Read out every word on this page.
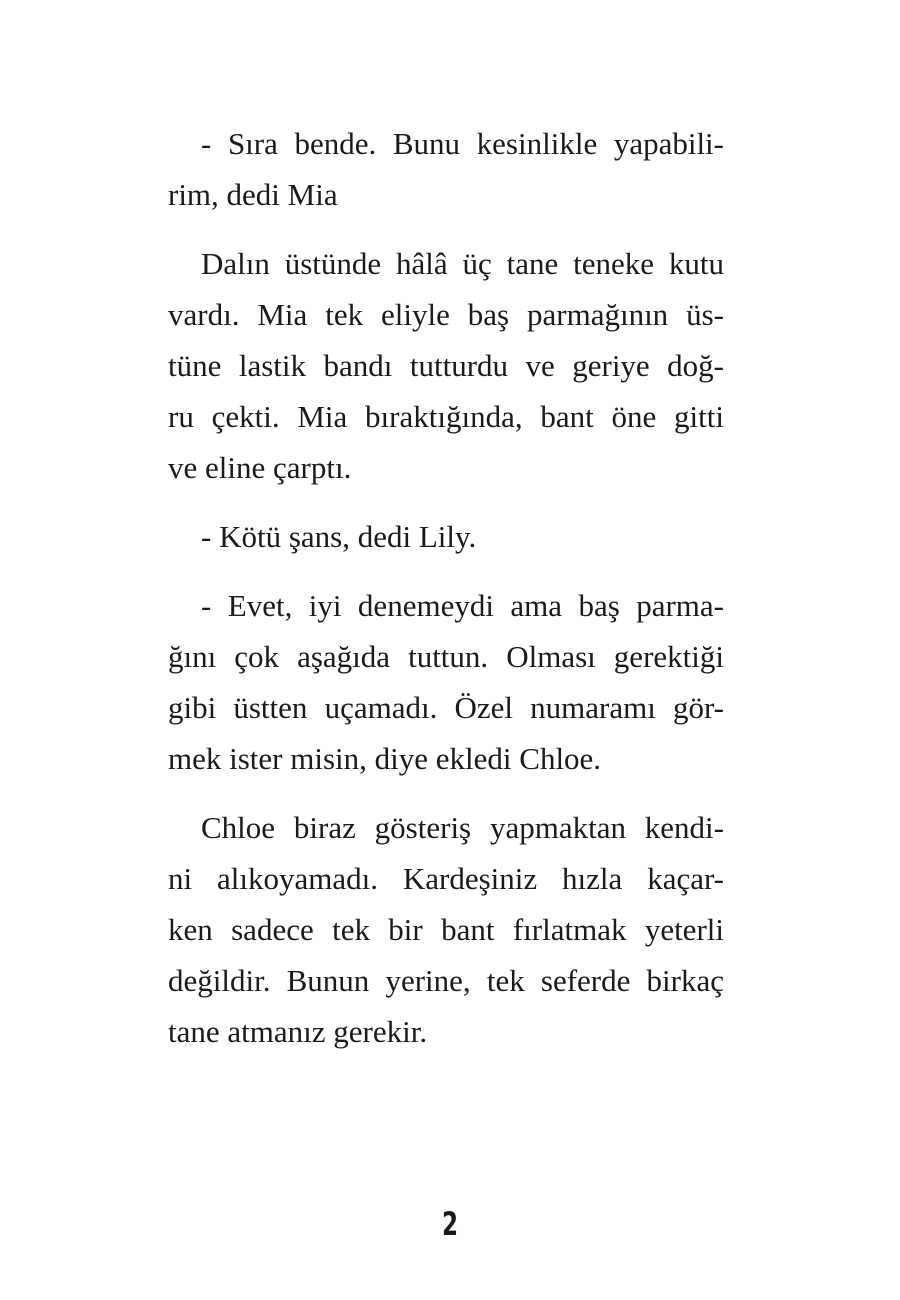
- Sıra bende. Bunu kesinlikle yapabili-
rim, dedi Mia
Dalın üstünde hâlâ üç tane teneke kutu
vardı. Mia tek eliyle baş parmağının üs-
tüne lastik bandı tutturdu ve geriye doğ-
ru çekti. Mia bıraktığında, bant öne gitti
ve eline çarptı.
- Kötü şans, dedi Lily.
- Evet, iyi denemeydi ama baş parma-
ğını çok aşağıda tuttun. Olması gerektiği
gibi üstten uçamadı. Özel numaramı gör-
mek ister misin, diye ekledi Chloe.
Chloe biraz gösteriş yapmaktan kendi-
ni alıkoyamadı. Kardeşiniz hızla kaçar-
ken sadece tek bir bant fırlatmak yeterli
değildir. Bunun yerine, tek seferde birkaç
tane atmanız gerekir.
2
